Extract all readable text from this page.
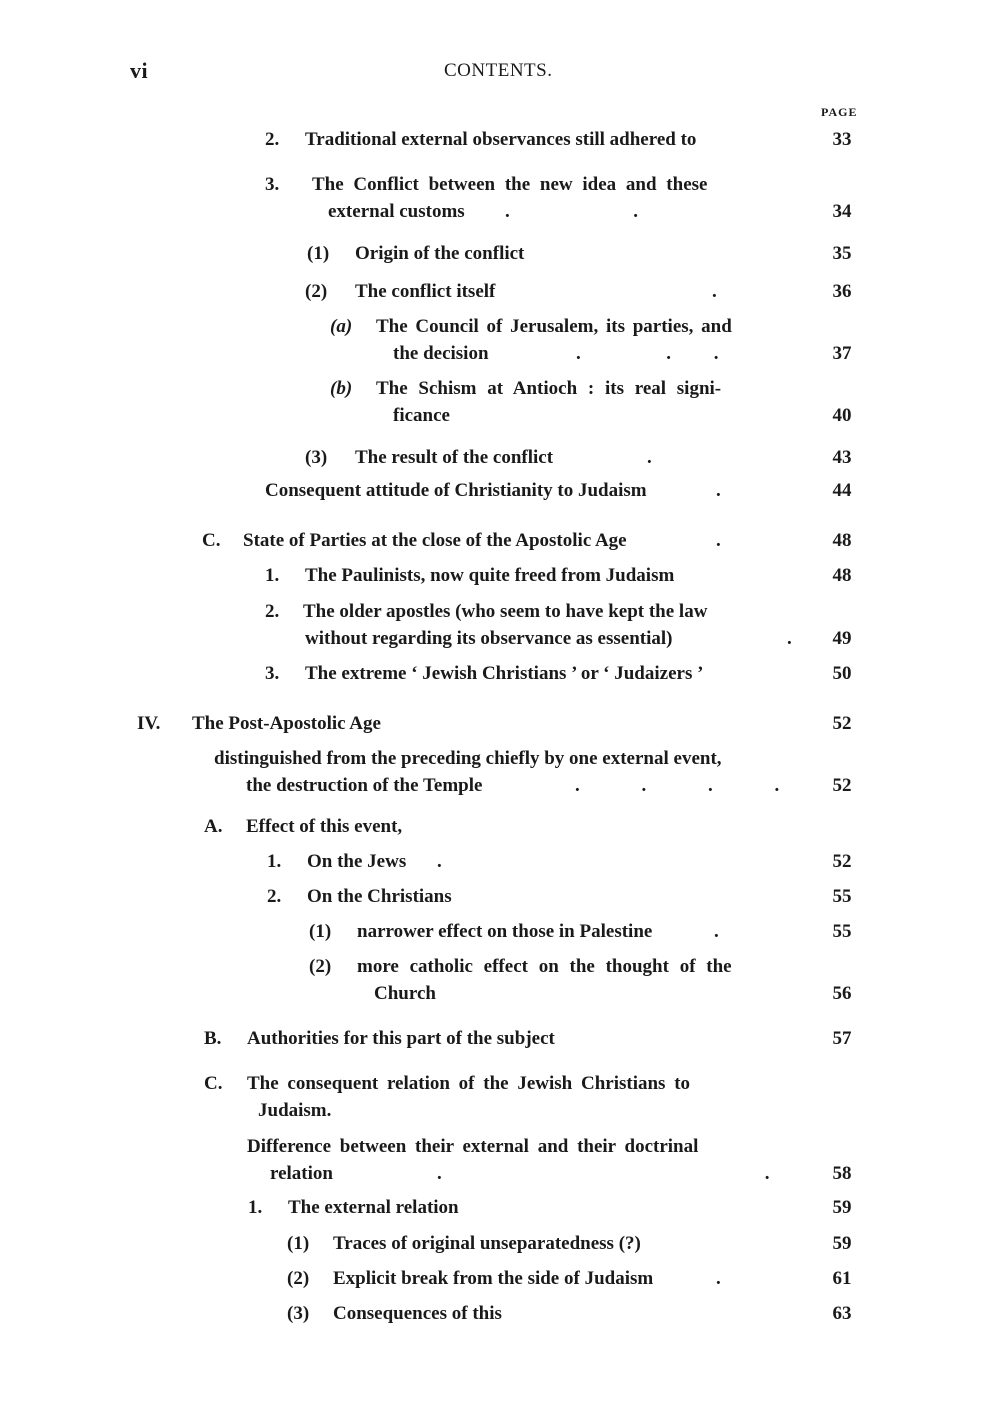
vi	CONTENTS.
PAGE
2. Traditional external observances still adhered to	33
3. The Conflict between the new idea and these
external customs .                          .	34
(1) Origin of the conflict	35
(2) The conflict itself	.	36
(a) The Council of Jerusalem, its parties, and
the decision	.                  .         .	37
(b) The Schism at Antioch : its real signi-
ficance	40
(3) The result of the conflict	.	43
Consequent attitude of Christianity to Judaism	.	44
C. State of Parties at the close of the Apostolic Age	.	48
1. The Paulinists, now quite freed from Judaism	48
2. The older apostles (who seem to have kept the law
without regarding its observance as essential)	.	49
3. The extreme ‘ Jewish Christians ’ or ‘ Judaizers ’	50
IV. The Post-Apostolic Age	52
distinguished from the preceding chiefly by one external event,
the destruction of the Temple	.             .             .             .	52
A. Effect of this event,
1. On the Jews .	52
2. On the Christians	55
(1) narrower effect on those in Palestine	.	55
(2) more catholic effect on the thought of the
Church	56
B. Authorities for this part of the subject	57
C. The consequent relation of the Jewish Christians to
Judaism.
Difference between their external and their doctrinal
relation	.                                                                    .	58
1. The external relation	59
(1) Traces of original unseparatedness (?)	59
(2) Explicit break from the side of Judaism	.	61
(3) Consequences of this	63
